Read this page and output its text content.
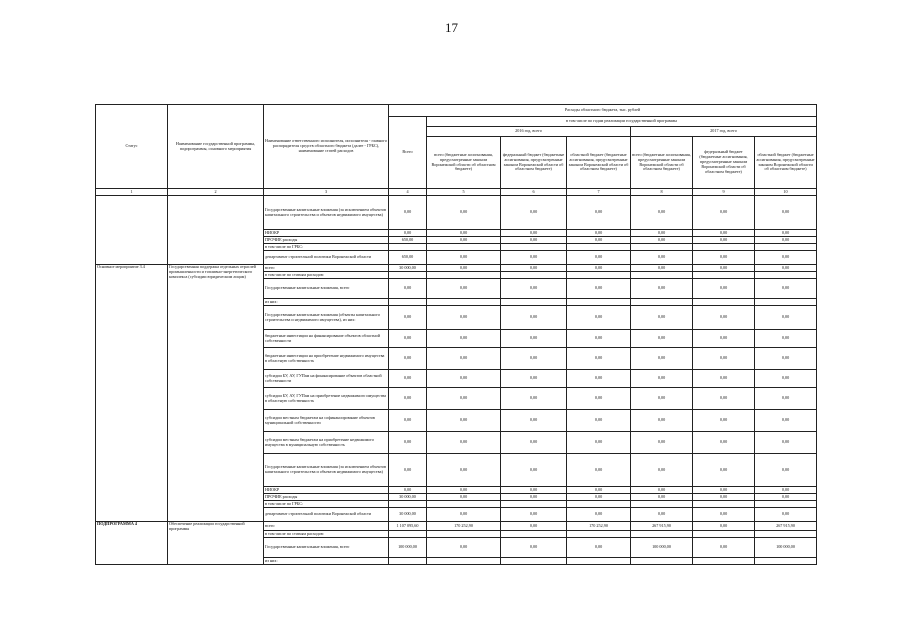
17
Статус	Наименование государственной программы, подпрограммы, основного мероприятия	Наименование ответственного исполнителя, исполнителя - главного распорядителя средств областного бюджета (далее - ГРБС), наименование статей расходов	Расходы областного бюджета, тыс. рублей						
			Всего	в том числе по годам реализации государственной программы					
				2016 год, всего			2017 год, всего		
				всего (бюджетные ассигнования, предусмотренные законом Воронежской области об областном бюджете)	федеральный бюджет (бюджетные ассигнования, предусмотренные законом Воронежской области об областном бюджете)	областной бюджет (бюджетные ассигнования, предусмотренные законом Воронежской области об областном бюджете)	всего (бюджетные ассигнования, предусмотренные законом Воронежской области об областном бюджете)	федеральный бюджет (бюджетные ассигнования, предусмотренные законом Воронежской области об областном бюджете)	областной бюджет (бюджетные ассигнования, предусмотренные законом Воронежской области об областном бюджете)
1	2	3	4	5	6	7	8	9	10
		Государственные капитальные вложения (за исключением объектов капитального строительства и объектов недвижимого имущества)	0,00	0,00	0,00	0,00	0,00	0,00	0,00
		НИОКР	0,00	0,00	0,00	0,00	0,00	0,00	0,00
		ПРОЧИЕ расходы	650,00	0,00	0,00	0,00	0,00	0,00	0,00
		в том числе по ГРБС:							
		департамент строительной политики Воронежской области	650,00	0,00	0,00	0,00	0,00	0,00	0,00
Основное мероприятие 3.4	Государственная поддержка отдельных отраслей промышленности и топливно-энергетического комплекса (субсидии юридическим лицам)	всего	30 000,00	0,00	0,00	0,00	0,00	0,00	0,00
		в том числе по статьям расходов:							
		Государственные капитальные вложения, всего	0,00	0,00	0,00	0,00	0,00	0,00	0,00
		из них:							
		Государственные капитальные вложения (объекты капитального строительства и недвижимого имущества), из них:	0,00	0,00	0,00	0,00	0,00	0,00	0,00
		бюджетные инвестиции на финансирование объектов областной собственности	0,00	0,00	0,00	0,00	0,00	0,00	0,00
		бюджетные инвестиции на приобретение недвижимого имущества в областную собственность	0,00	0,00	0,00	0,00	0,00	0,00	0,00
		субсидии БУ, АУ, ГУПам на финансирование объектов областной собственности	0,00	0,00	0,00	0,00	0,00	0,00	0,00
		субсидии БУ, АУ, ГУПам на приобретение недвижимого имущества в областную собственность	0,00	0,00	0,00	0,00	0,00	0,00	0,00
		субсидии местным бюджетам на софинансирование объектов муниципальной собственности	0,00	0,00	0,00	0,00	0,00	0,00	0,00
		субсидии местным бюджетам на приобретение недвижимого имущества в муниципальную собственность	0,00	0,00	0,00	0,00	0,00	0,00	0,00
		Государственные капитальные вложения (за исключением объектов капитального строительства и объектов недвижимого имущества)	0,00	0,00	0,00	0,00	0,00	0,00	0,00
		НИОКР	0,00	0,00	0,00	0,00	0,00	0,00	0,00
		ПРОЧИЕ расходы	30 000,00	0,00	0,00	0,00	0,00	0,00	0,00
		в том числе по ГРБС:							
		департамент строительной политики Воронежской области	30 000,00	0,00	0,00	0,00	0,00	0,00	0,00
ПОДПРОГРАММА 4	Обеспечение реализации государственной программы	всего	1 107 095,60	170 252,90	0,00	170 252,90	267 915,90	0,00	267 915,90
		в том числе по статьям расходов:							
		Государственные капитальные вложения, всего	100 000,00	0,00	0,00	0,00	100 000,00	0,00	100 000,00
		из них:							
